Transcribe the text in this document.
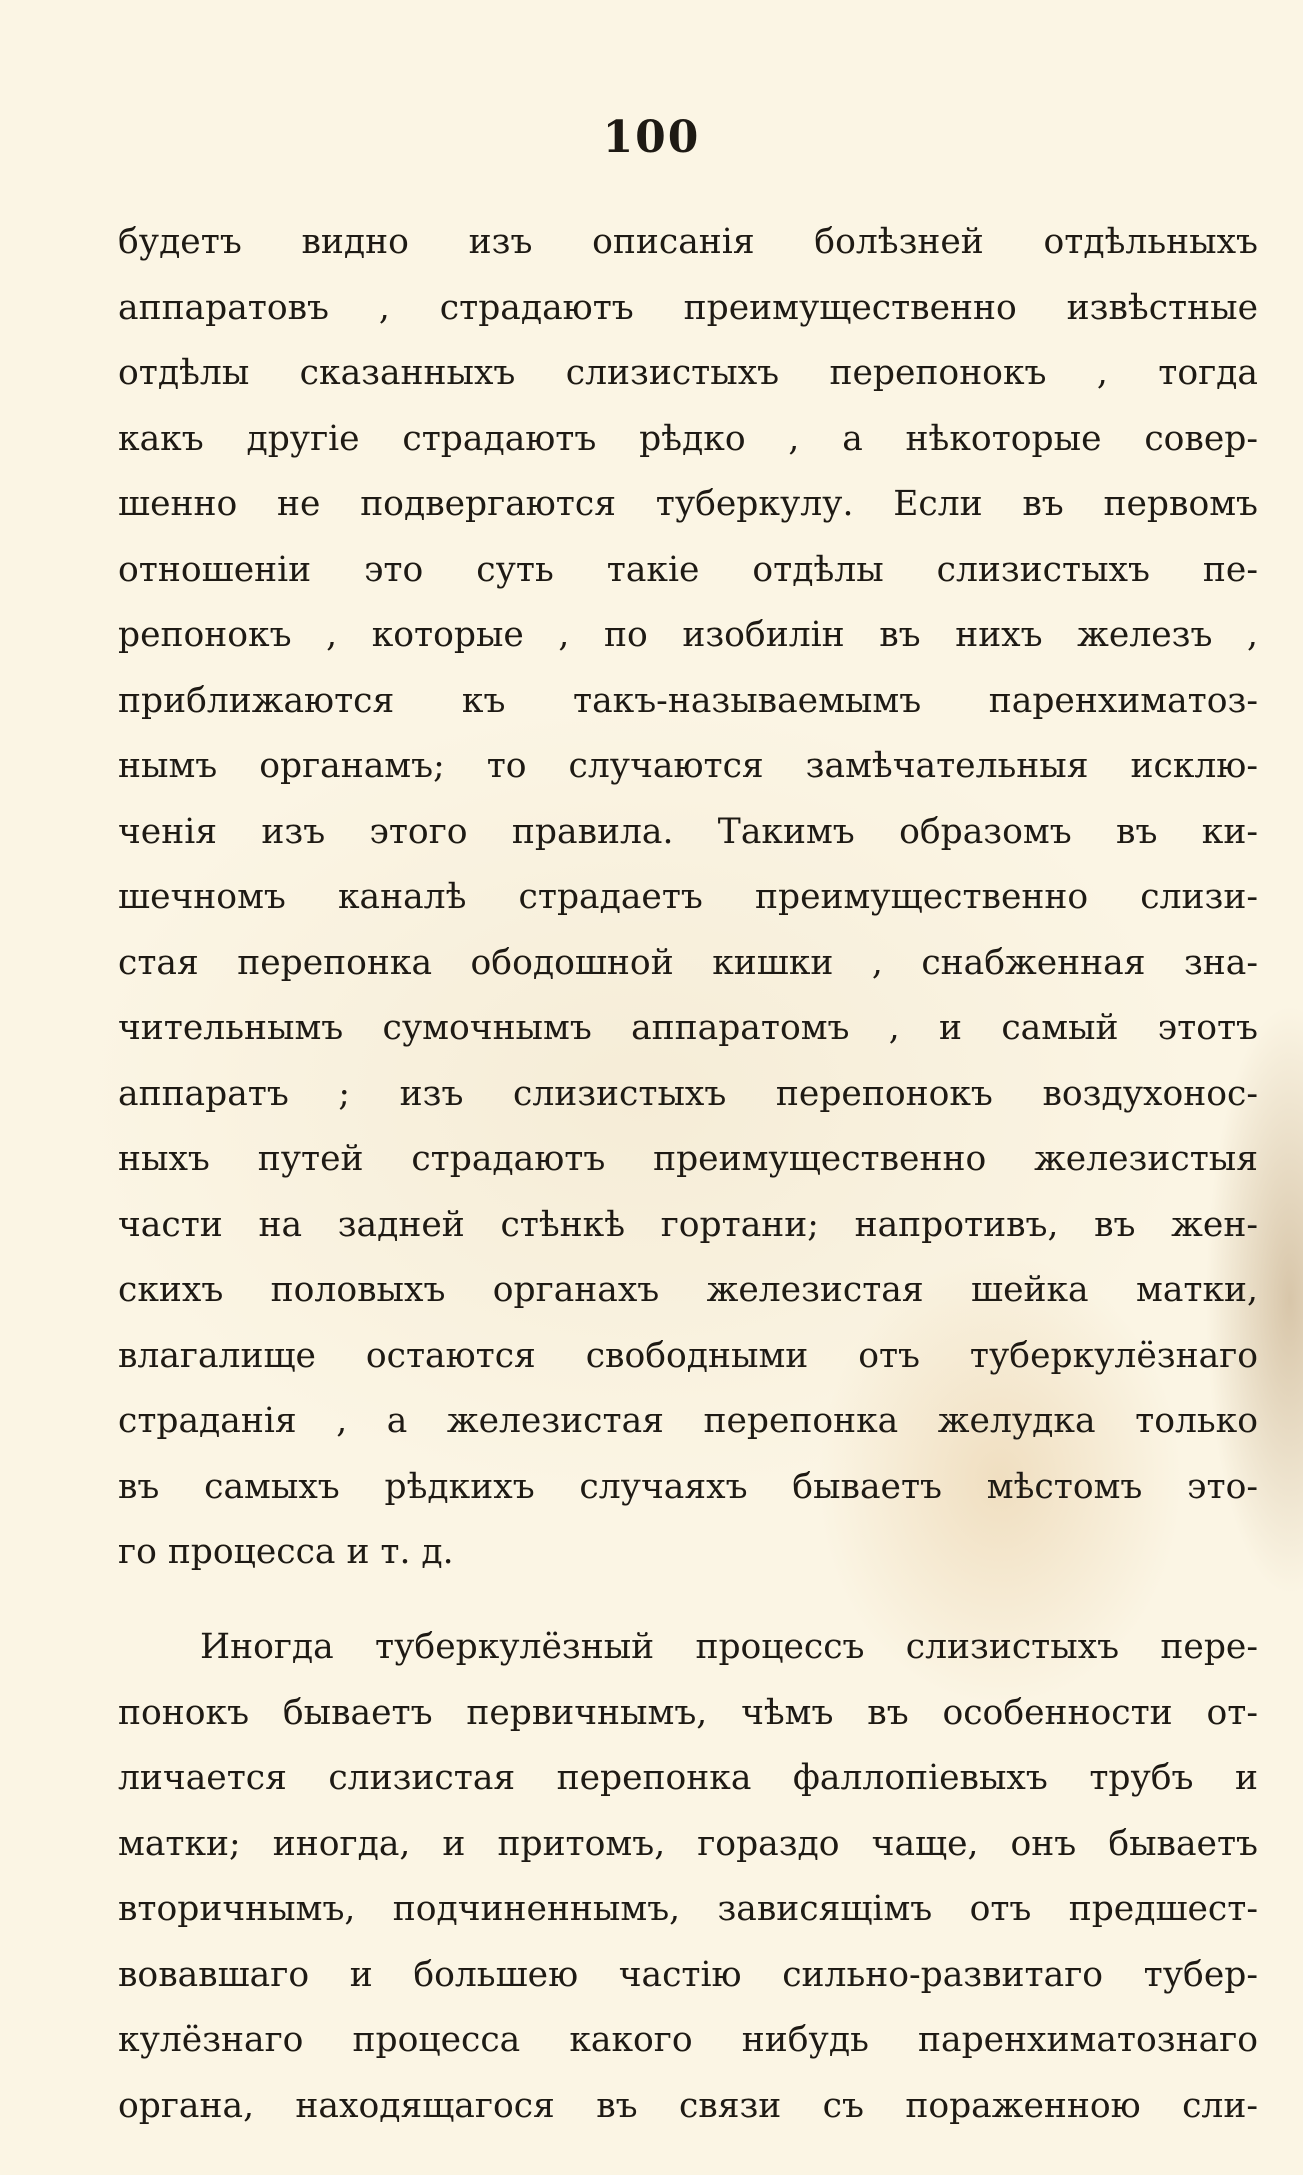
100
будетъ видно изъ описанія болѣзней отдѣльныхъ
аппаратовъ , страдаютъ преимущественно извѣстные
отдѣлы сказанныхъ слизистыхъ перепонокъ , тогда
какъ другіе страдаютъ рѣдко , а нѣкоторые совер-
шенно не подвергаются туберкулу. Если въ первомъ
отношеніи это суть такіе отдѣлы слизистыхъ пе-
репонокъ , которые , по изобилін въ нихъ железъ ,
приближаются къ такъ-называемымъ паренхиматоз-
нымъ органамъ; то случаются замѣчательныя исклю-
ченія изъ этого правила. Такимъ образомъ въ ки-
шечномъ каналѣ страдаетъ преимущественно слизи-
стая перепонка ободошной кишки , снабженная зна-
чительнымъ сумочнымъ аппаратомъ , и самый этотъ
аппаратъ ; изъ слизистыхъ перепонокъ воздухонос-
ныхъ путей страдаютъ преимущественно железистыя
части на задней стѣнкѣ гортани; напротивъ, въ жен-
скихъ половыхъ органахъ железистая шейка матки,
влагалище остаются свободными отъ туберкулёзнаго
страданія , а железистая перепонка желудка только
въ самыхъ рѣдкихъ случаяхъ бываетъ мѣстомъ это-
го процесса и т. д.
Иногда туберкулёзный процессъ слизистыхъ пере-
понокъ бываетъ первичнымъ, чѣмъ въ особенности от-
личается слизистая перепонка фаллопіевыхъ трубъ и
матки; иногда, и притомъ, гораздо чаще, онъ бываетъ
вторичнымъ, подчиненнымъ, зависящімъ отъ предшест-
вовавшаго и большею частію сильно-развитаго тубер-
кулёзнаго процесса какого нибудь паренхиматознаго
органа, находящагося въ связи съ пораженною сли-
